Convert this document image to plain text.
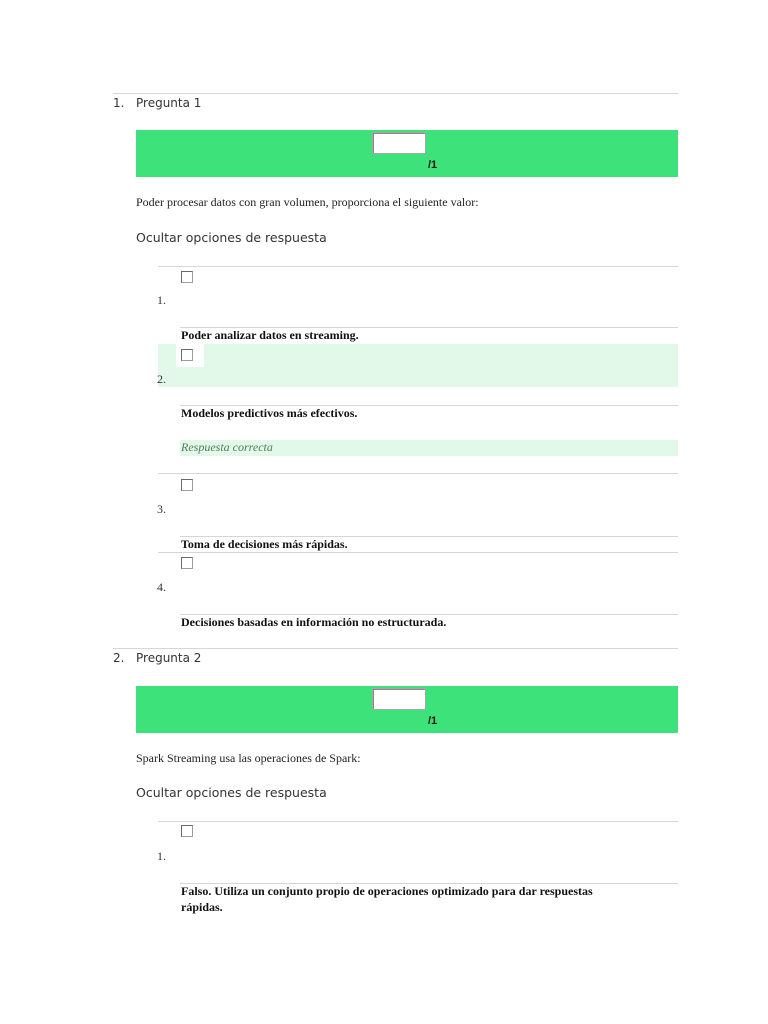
1. Pregunta 1
/1
Poder procesar datos con gran volumen, proporciona el siguiente valor:
Ocultar opciones de respuesta
1.
Poder analizar datos en streaming.
2.
Modelos predictivos más efectivos.
Respuesta correcta
3.
Toma de decisiones más rápidas.
4.
Decisiones basadas en información no estructurada.
2. Pregunta 2
/1
Spark Streaming usa las operaciones de Spark:
Ocultar opciones de respuesta
1.
Falso. Utiliza un conjunto propio de operaciones optimizado para dar respuestas
rápidas.
